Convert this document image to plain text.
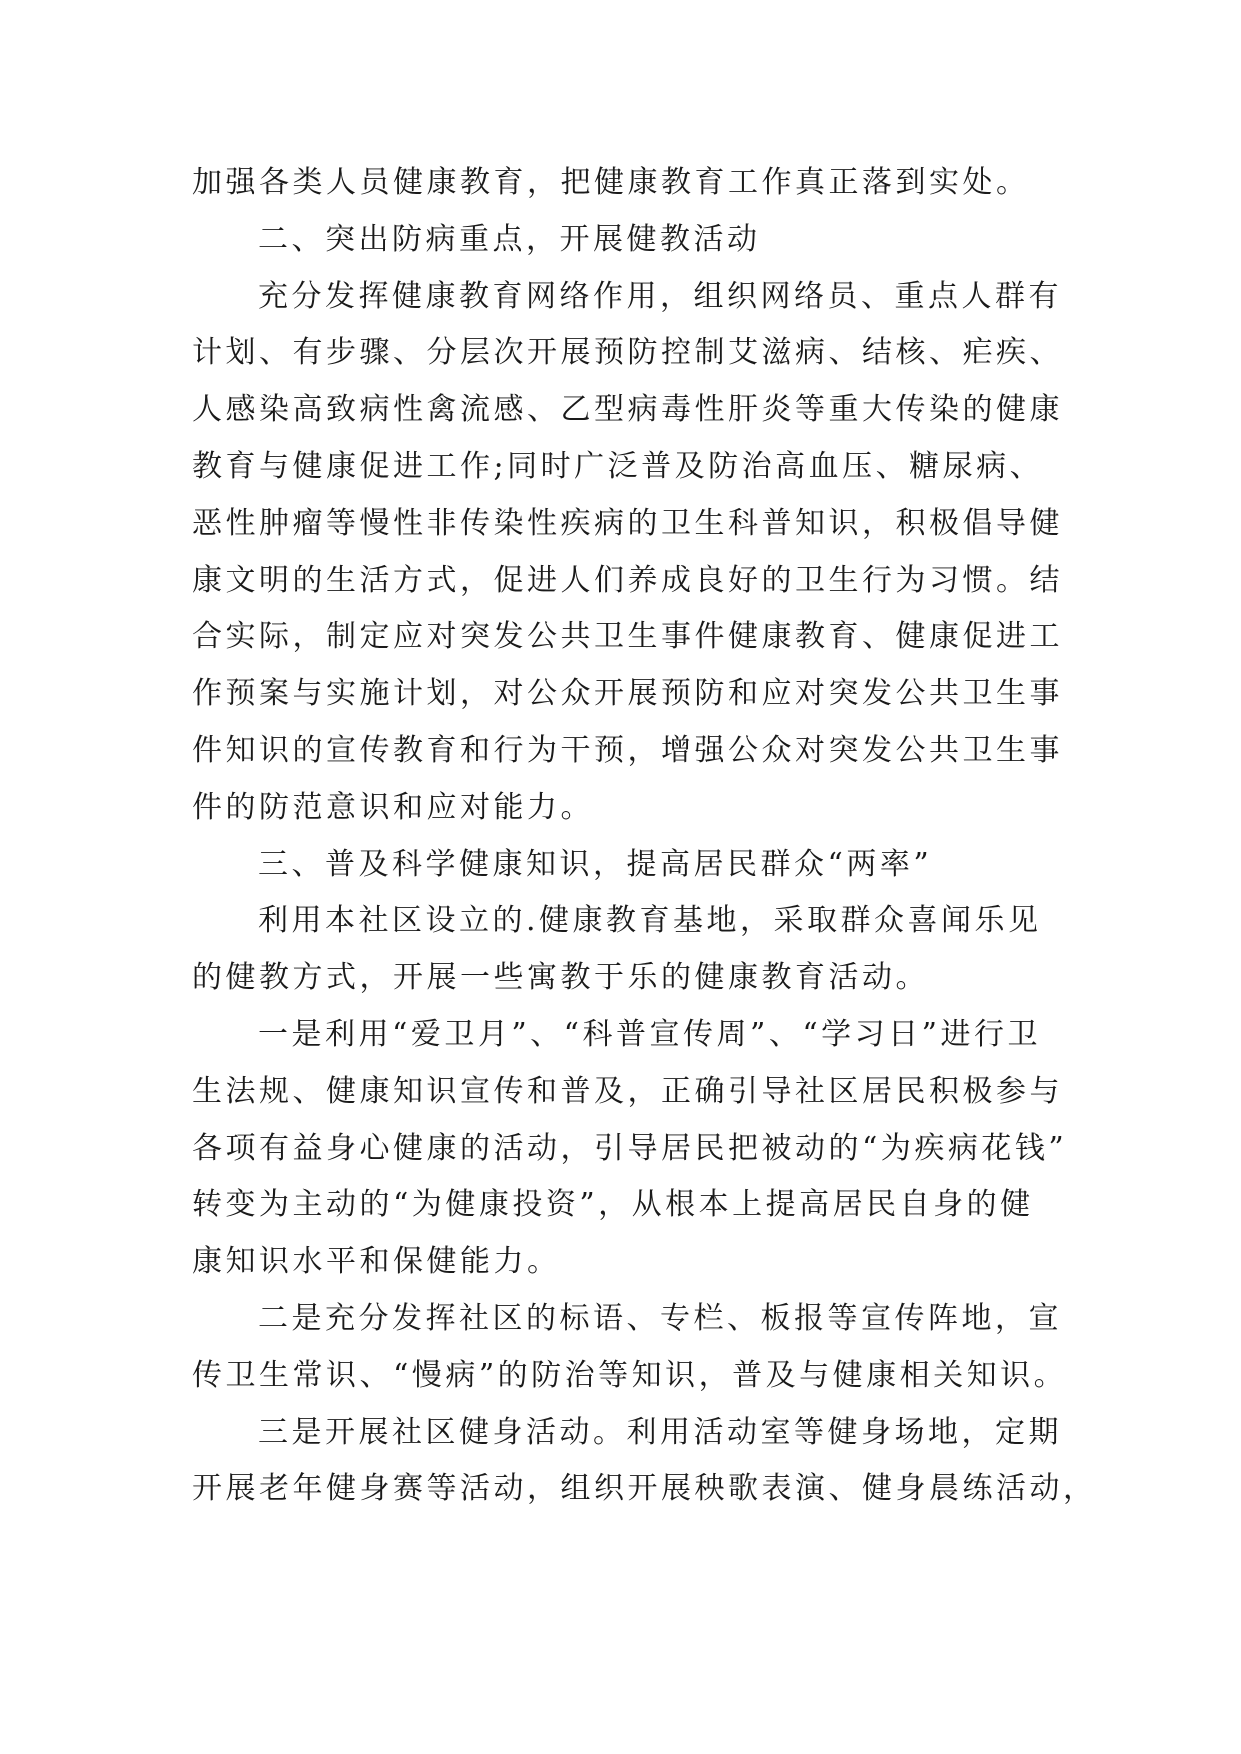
加强各类人员健康教育，把健康教育工作真正落到实处。
二、突出防病重点，开展健教活动
充分发挥健康教育网络作用，组织网络员、重点人群有
计划、有步骤、分层次开展预防控制艾滋病、结核、疟疾、
人感染高致病性禽流感、乙型病毒性肝炎等重大传染的健康
教育与健康促进工作;同时广泛普及防治高血压、糖尿病、
恶性肿瘤等慢性非传染性疾病的卫生科普知识，积极倡导健
康文明的生活方式，促进人们养成良好的卫生行为习惯。结
合实际，制定应对突发公共卫生事件健康教育、健康促进工
作预案与实施计划，对公众开展预防和应对突发公共卫生事
件知识的宣传教育和行为干预，增强公众对突发公共卫生事
件的防范意识和应对能力。
三、普及科学健康知识，提高居民群众“两率”
利用本社区设立的.健康教育基地，采取群众喜闻乐见
的健教方式，开展一些寓教于乐的健康教育活动。
一是利用“爱卫月”、“科普宣传周”、“学习日”进行卫
生法规、健康知识宣传和普及，正确引导社区居民积极参与
各项有益身心健康的活动，引导居民把被动的“为疾病花钱”
转变为主动的“为健康投资”，从根本上提高居民自身的健
康知识水平和保健能力。
二是充分发挥社区的标语、专栏、板报等宣传阵地，宣
传卫生常识、“慢病”的防治等知识，普及与健康相关知识。
三是开展社区健身活动。利用活动室等健身场地，定期
开展老年健身赛等活动，组织开展秧歌表演、健身晨练活动，
